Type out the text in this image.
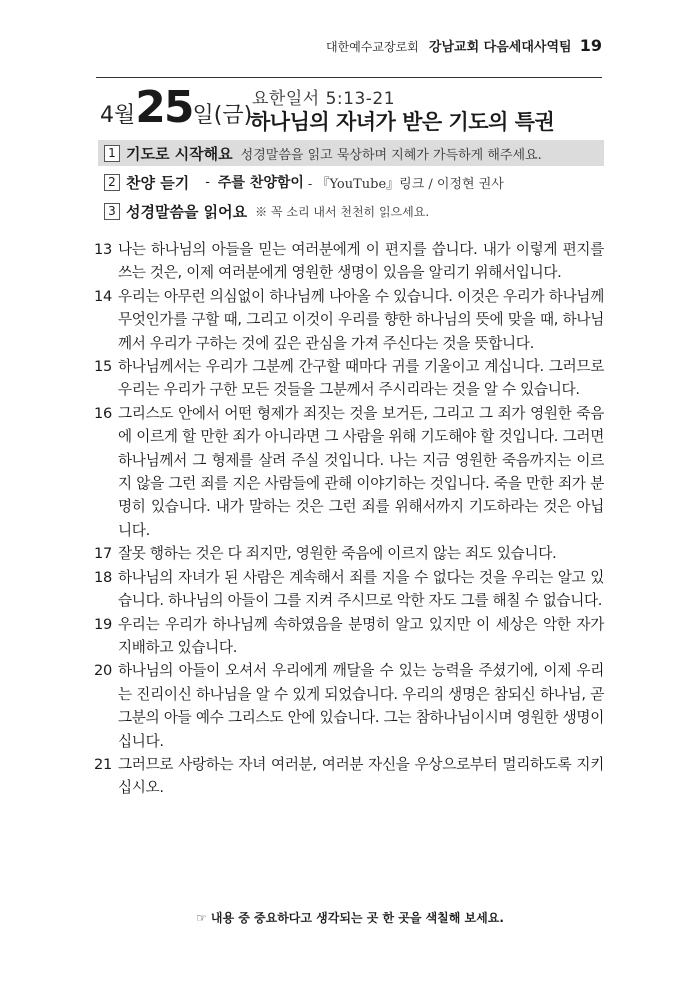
대한예수교장로회 강남교회 다음세대사역팀 19
4월 25 일(금)
요한일서 5:13-21
하나님의 자녀가 받은 기도의 특권
1 기도로 시작해요 성경말씀을 읽고 묵상하며 지혜가 가득하게 해주세요.
2 찬양 듣기 - 주를 찬양함이 - 『YouTube』링크 / 이정현 권사
3 성경말씀을 읽어요 ※ 꼭 소리 내서 천천히 읽으세요.
13 나는 하나님의 아들을 믿는 여러분에게 이 편지를 씁니다. 내가 이렇게 편지를 쓰는 것은, 이제 여러분에게 영원한 생명이 있음을 알리기 위해서입니다.
14 우리는 아무런 의심없이 하나님께 나아올 수 있습니다. 이것은 우리가 하나님께 무엇인가를 구할 때, 그리고 이것이 우리를 향한 하나님의 뜻에 맞을 때, 하나님께서 우리가 구하는 것에 깊은 관심을 가져 주신다는 것을 뜻합니다.
15 하나님께서는 우리가 그분께 간구할 때마다 귀를 기울이고 계십니다. 그러므로 우리는 우리가 구한 모든 것들을 그분께서 주시리라는 것을 알 수 있습니다.
16 그리스도 안에서 어떤 형제가 죄짓는 것을 보거든, 그리고 그 죄가 영원한 죽음에 이르게 할 만한 죄가 아니라면 그 사람을 위해 기도해야 할 것입니다. 그러면 하나님께서 그 형제를 살려 주실 것입니다. 나는 지금 영원한 죽음까지는 이르지 않을 그런 죄를 지은 사람들에 관해 이야기하는 것입니다. 죽을 만한 죄가 분명히 있습니다. 내가 말하는 것은 그런 죄를 위해서까지 기도하라는 것은 아닙니다.
17 잘못 행하는 것은 다 죄지만, 영원한 죽음에 이르지 않는 죄도 있습니다.
18 하나님의 자녀가 된 사람은 계속해서 죄를 지을 수 없다는 것을 우리는 알고 있습니다. 하나님의 아들이 그를 지켜 주시므로 악한 자도 그를 해칠 수 없습니다.
19 우리는 우리가 하나님께 속하였음을 분명히 알고 있지만 이 세상은 악한 자가 지배하고 있습니다.
20 하나님의 아들이 오셔서 우리에게 깨달을 수 있는 능력을 주셨기에, 이제 우리는 진리이신 하나님을 알 수 있게 되었습니다. 우리의 생명은 참되신 하나님, 곧 그분의 아들 예수 그리스도 안에 있습니다. 그는 참하나님이시며 영원한 생명이십니다.
21 그러므로 사랑하는 자녀 여러분, 여러분 자신을 우상으로부터 멀리하도록 지키십시오.
☞ 내용 중 중요하다고 생각되는 곳 한 곳을 색칠해 보세요.
